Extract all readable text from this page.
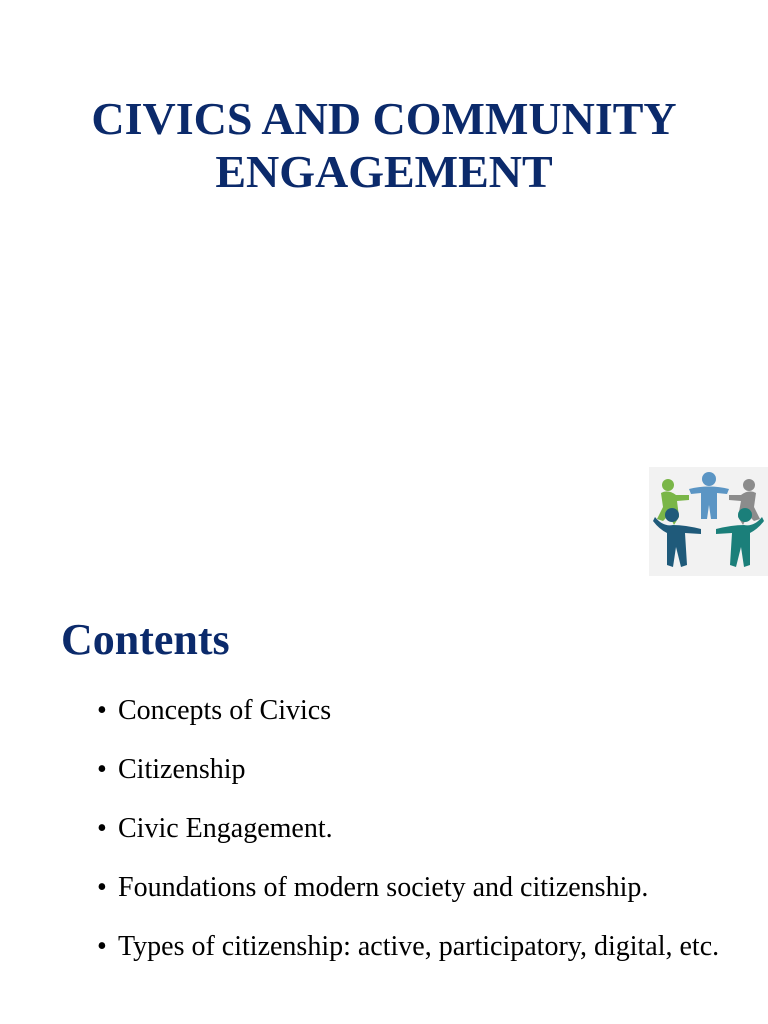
CIVICS AND COMMUNITY
ENGAGEMENT
Contents
• Concepts of Civics
• Citizenship
• Civic Engagement.
• Foundations of modern society and citizenship.
• Types of citizenship: active, participatory, digital, etc.
